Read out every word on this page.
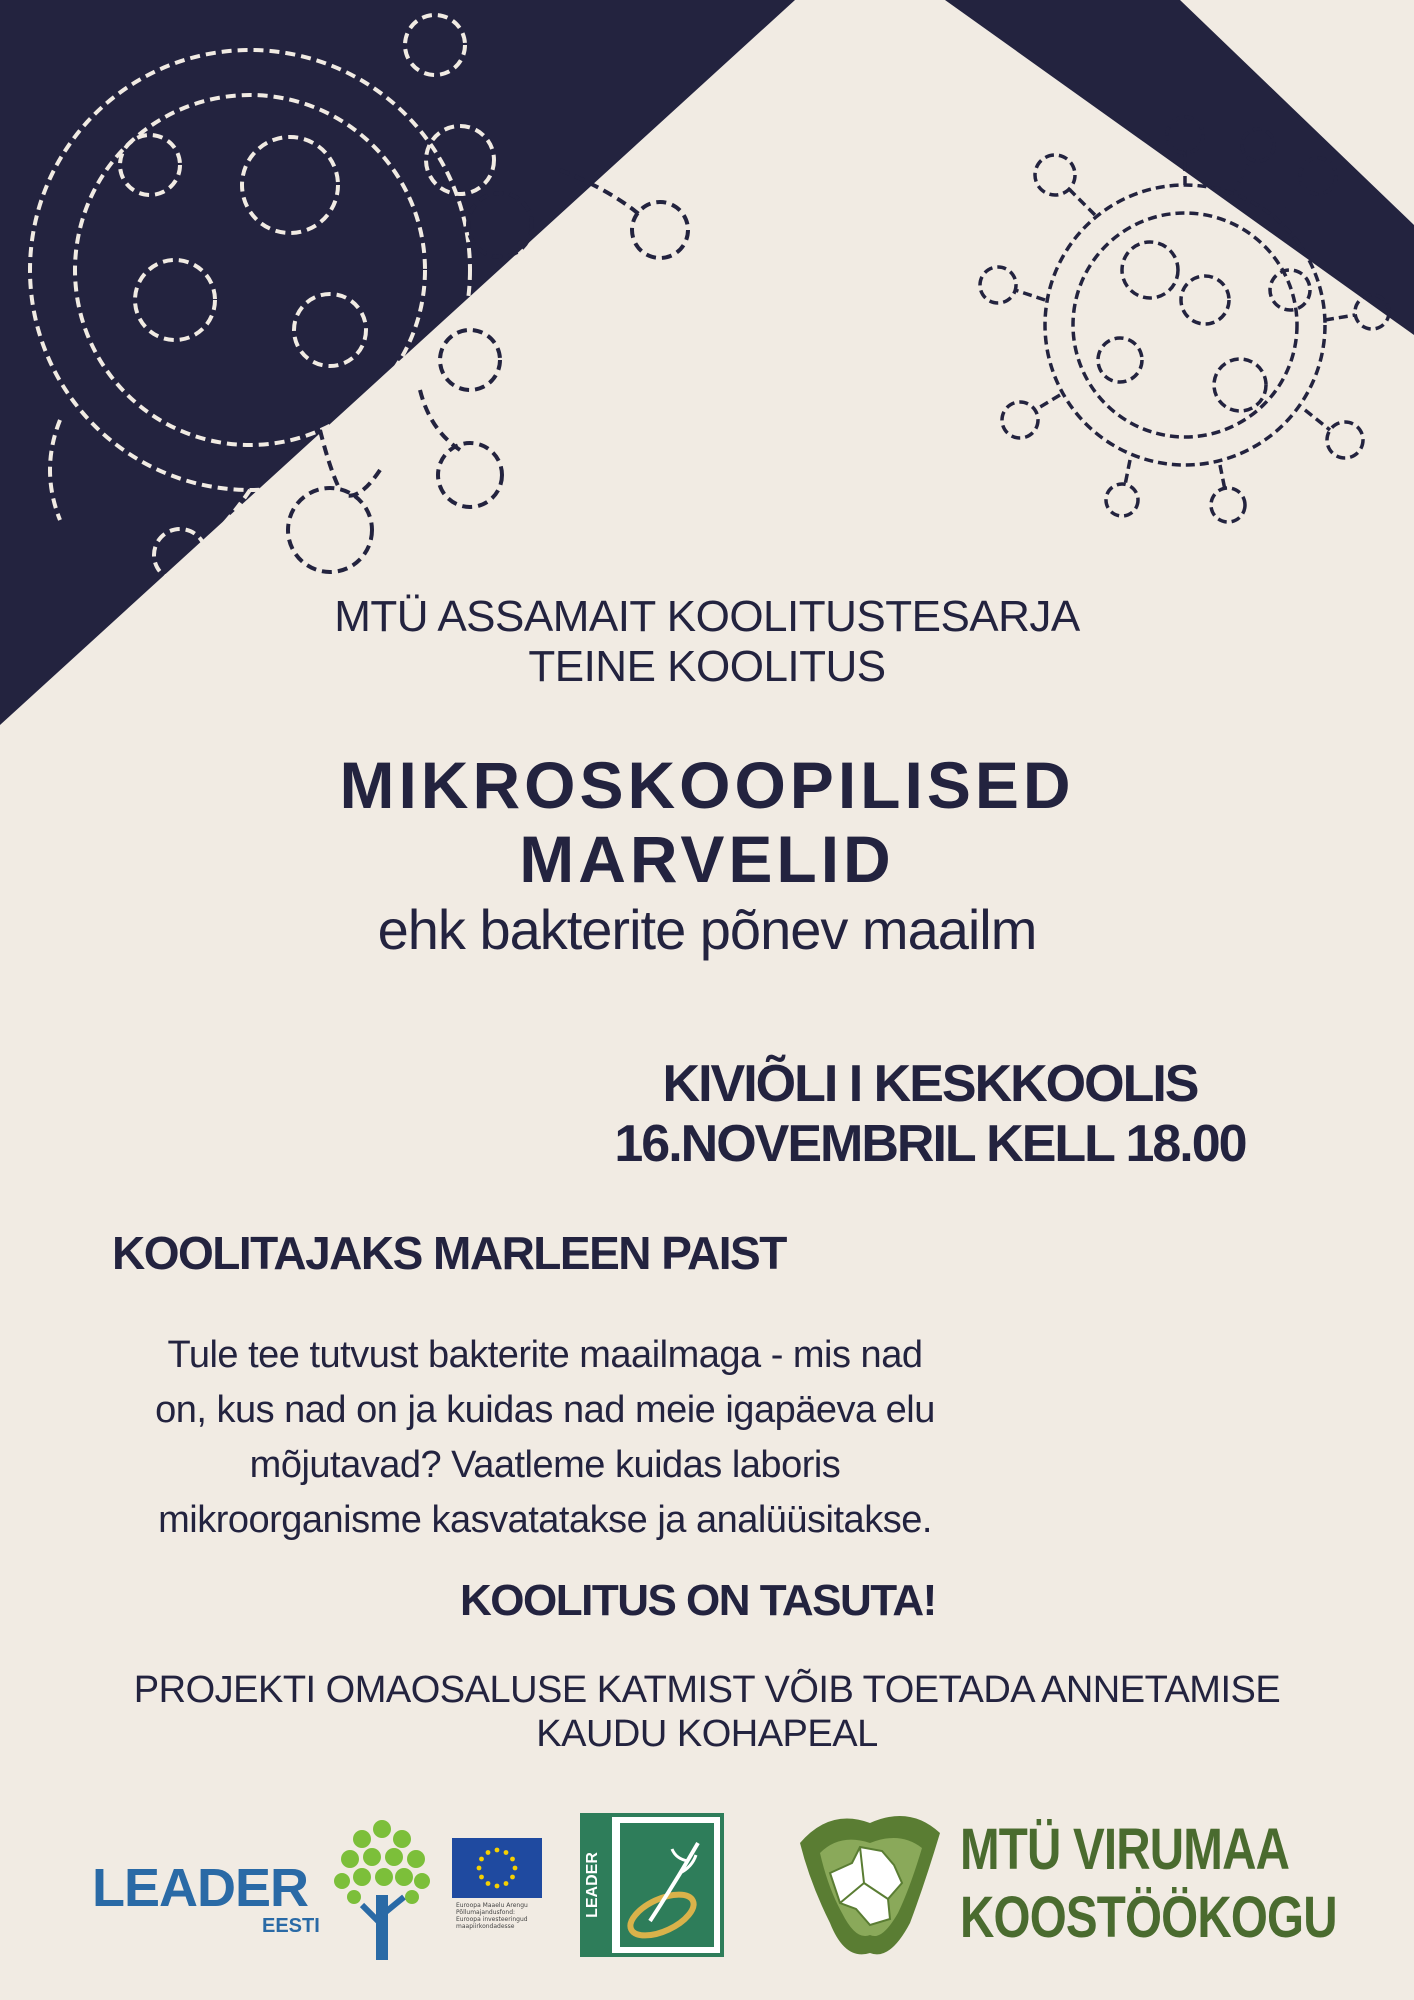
MTÜ ASSAMAIT KOOLITUSTESARJA
TEINE KOOLITUS
MIKROSKOOPILISED
MARVELID
ehk bakterite põnev maailm
KIVIÕLI I KESKKOOLIS
16.NOVEMBRIL KELL 18.00
KOOLITAJAKS MARLEEN PAIST
Tule tee tutvust bakterite maailmaga - mis nad
on, kus nad on ja kuidas nad meie igapäeva elu
mõjutavad? Vaatleme kuidas laboris
mikroorganisme kasvatatakse ja analüüsitakse.
KOOLITUS ON TASUTA!
PROJEKTI OMAOSALUSE KATMIST VÕIB TOETADA ANNETAMISE
KAUDU KOHAPEAL
LEADER
EESTI
Euroopa Maaelu Arengu Põllumajandusfond: Euroopa investeeringud maapiirkondadesse
LEADER
MTÜ VIRUMAA
KOOSTÖÖKOGU
